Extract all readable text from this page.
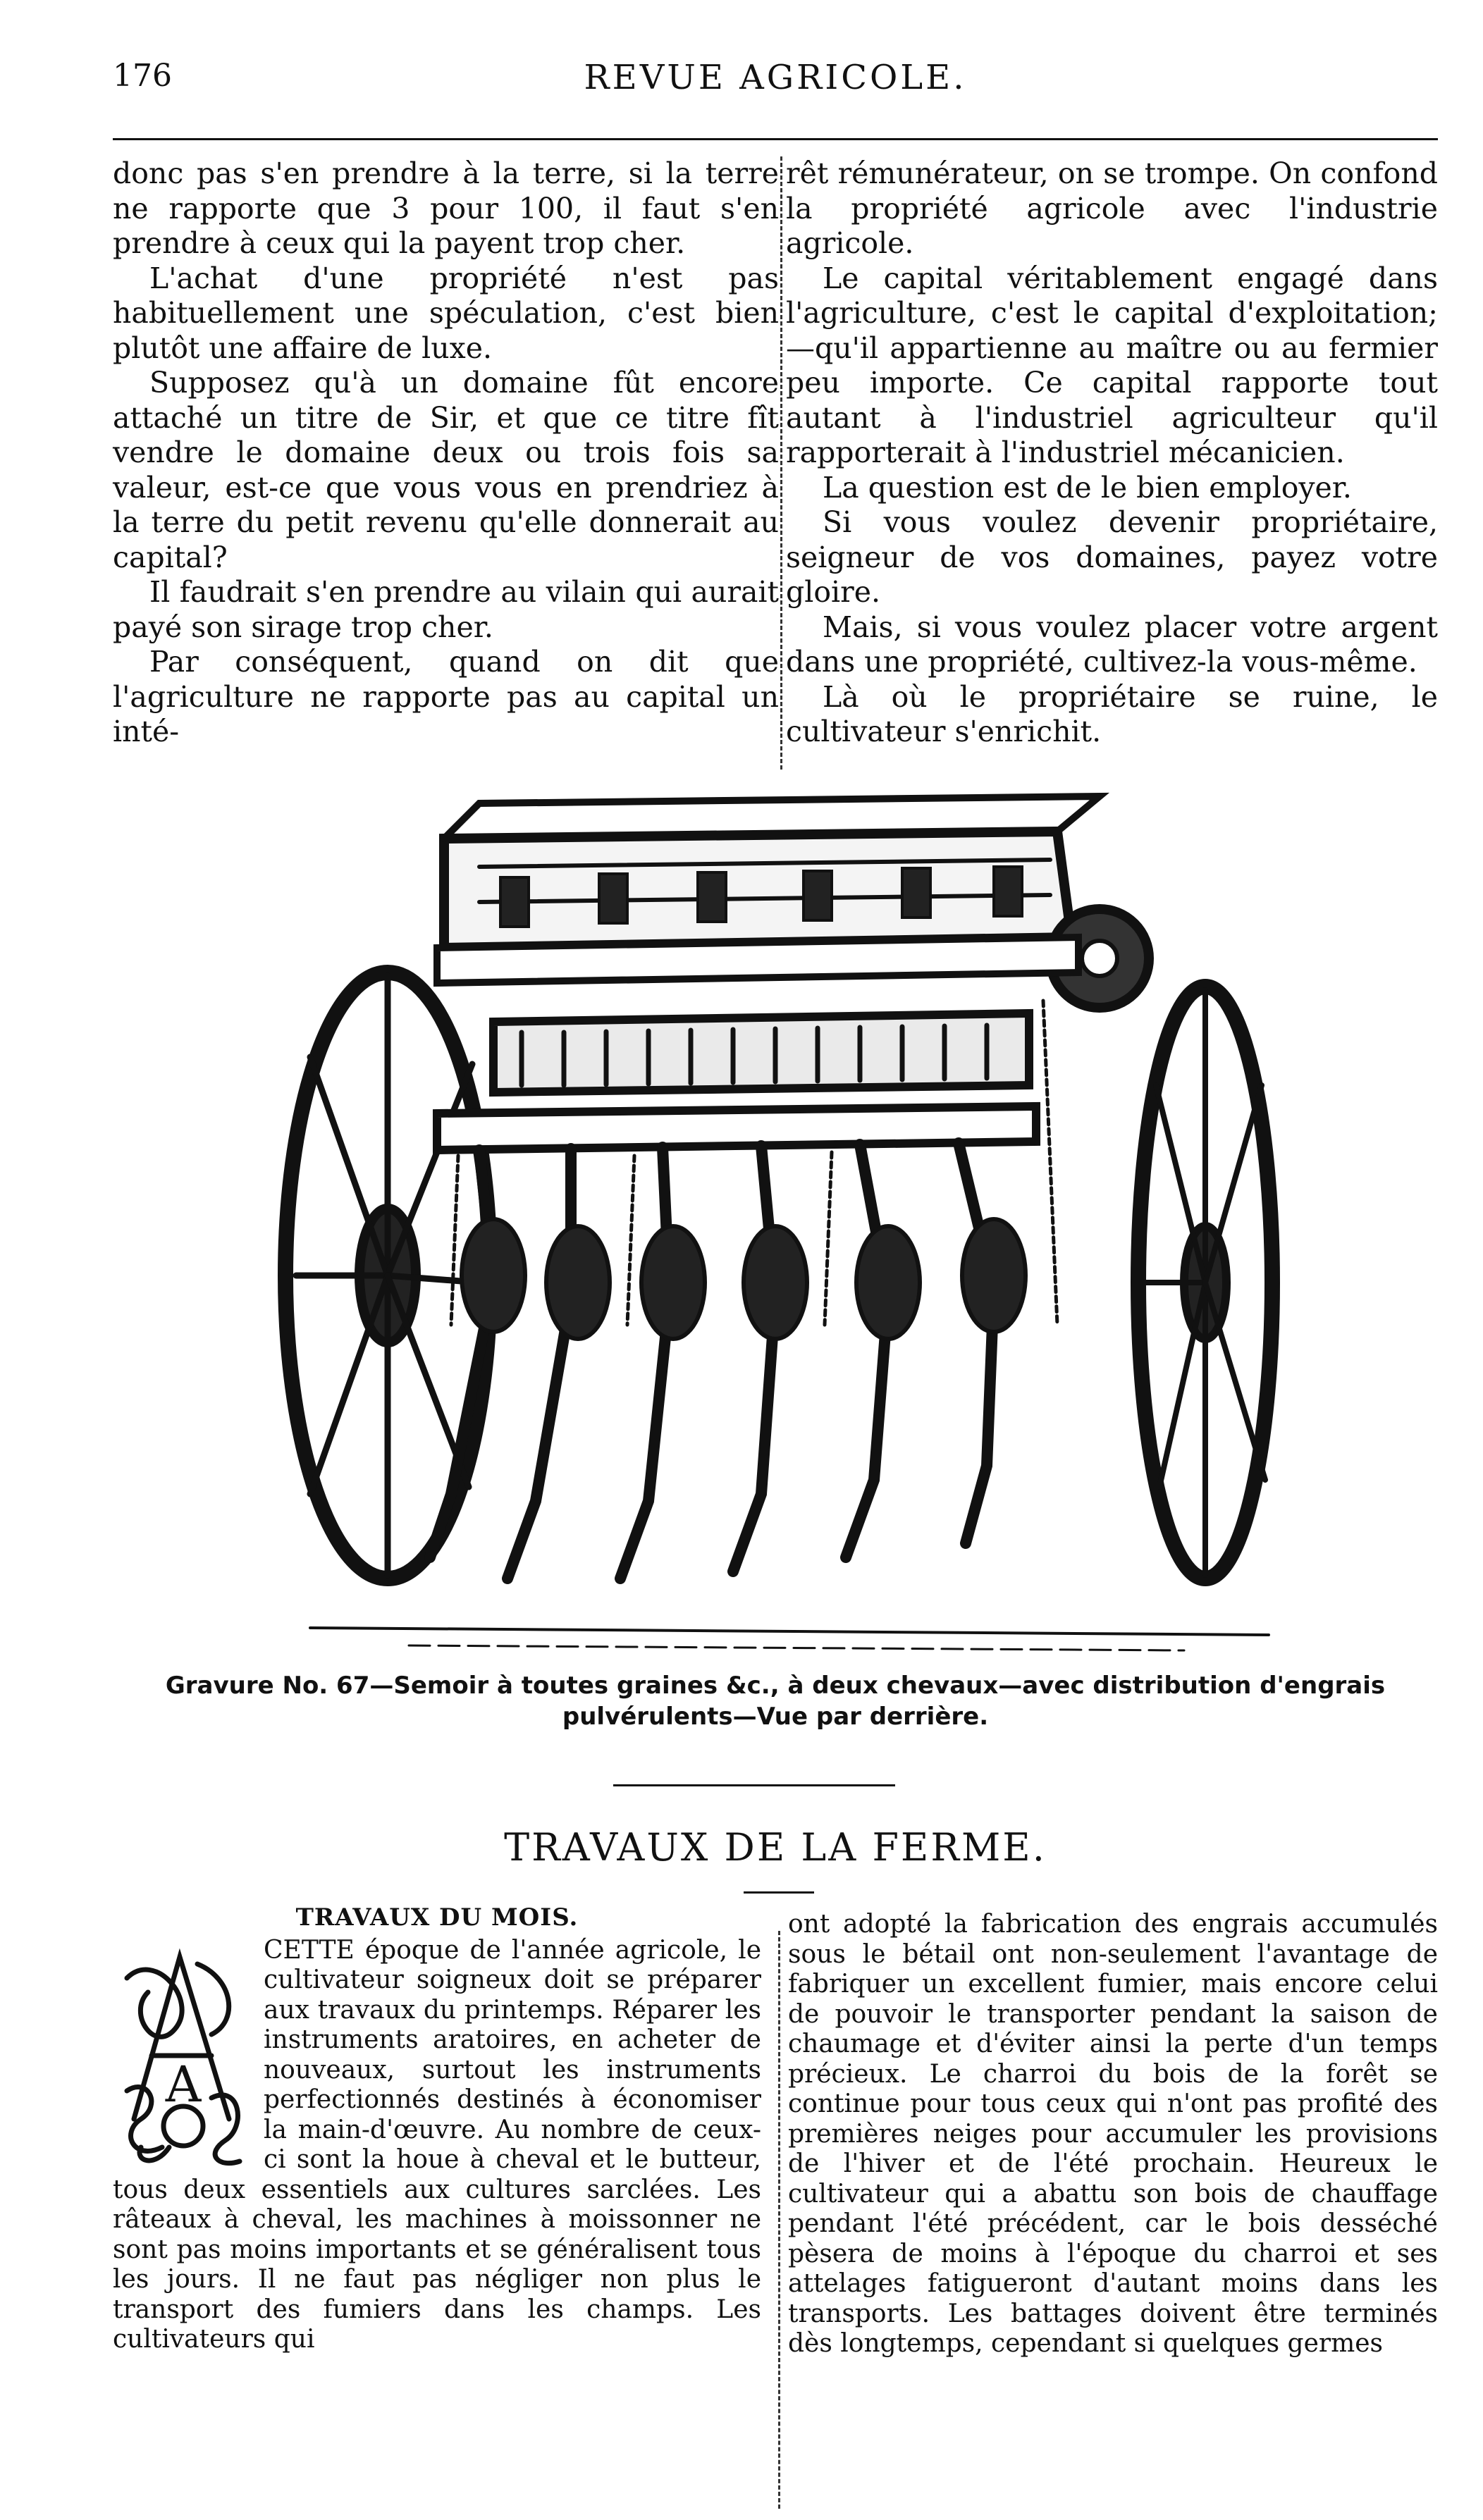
176	REVUE AGRICOLE.

donc pas s'en prendre à la terre, si la terre ne rapporte que 3 pour 100, il faut s'en prendre à ceux qui la payent trop cher.

L'achat d'une propriété n'est pas habituellement une spéculation, c'est bien plutôt une affaire de luxe.

Supposez qu'à un domaine fût encore attaché un titre de Sir, et que ce titre fît vendre le domaine deux ou trois fois sa valeur, est-ce que vous vous en prendriez à la terre du petit revenu qu'elle donnerait au capital?

Il faudrait s'en prendre au vilain qui aurait payé son sirage trop cher.

Par conséquent, quand on dit que l'agriculture ne rapporte pas au capital un inté-

rêt rémunérateur, on se trompe. On confond la propriété agricole avec l'industrie agricole.

Le capital véritablement engagé dans l'agriculture, c'est le capital d'exploitation; —qu'il appartienne au maître ou au fermier peu importe. Ce capital rapporte tout autant à l'industriel agriculteur qu'il rapporterait à l'industriel mécanicien.

La question est de le bien employer.

Si vous voulez devenir propriétaire, seigneur de vos domaines, payez votre gloire.

Mais, si vous voulez placer votre argent dans une propriété, cultivez-la vous-même.

Là où le propriétaire se ruine, le cultivateur s'enrichit.

Gravure No. 67—Semoir à toutes graines &c., à deux chevaux—avec distribution d'engrais pulvérulents—Vue par derrière.
TRAVAUX DE LA FERME.
TRAVAUX DU MOIS.
A

CETTE époque de l'année agricole, le cultivateur soigneux doit se préparer aux travaux du printemps. Réparer les instruments aratoires, en acheter de nouveaux, surtout les instruments perfectionnés destinés à économiser la main-d'œuvre. Au nombre de ceux-ci sont la houe à cheval et le butteur, tous deux essentiels aux cultures sarclées. Les râteaux à cheval, les machines à moissonner ne sont pas moins importants et se généralisent tous les jours. Il ne faut pas négliger non plus le transport des fumiers dans les champs. Les cultivateurs qui

ont adopté la fabrication des engrais accumulés sous le bétail ont non-seulement l'avantage de fabriquer un excellent fumier, mais encore celui de pouvoir le transporter pendant la saison de chaumage et d'éviter ainsi la perte d'un temps précieux. Le charroi du bois de la forêt se continue pour tous ceux qui n'ont pas profité des premières neiges pour accumuler les provisions de l'hiver et de l'été prochain. Heureux le cultivateur qui a abattu son bois de chauffage pendant l'été précédent, car le bois desséché pèsera de moins à l'époque du charroi et ses attelages fatigueront d'autant moins dans les transports. Les battages doivent être terminés dès longtemps, cependant si quelques germes
